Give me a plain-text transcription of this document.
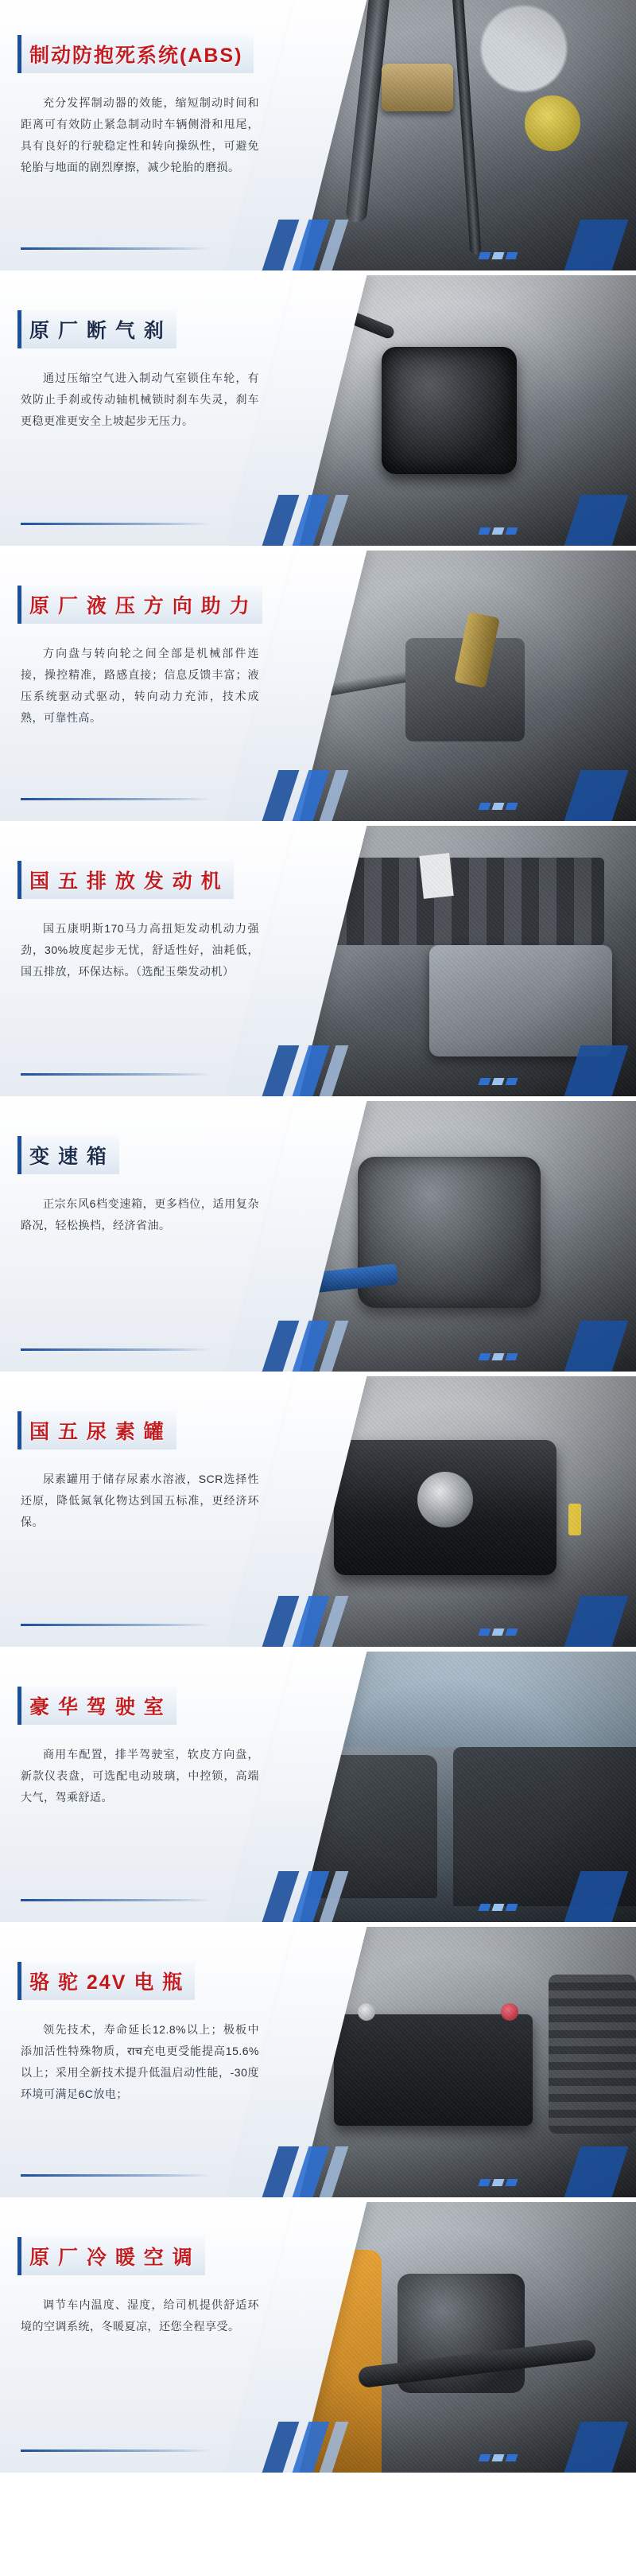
制动防抱死系统(ABS)
充分发挥制动器的效能，缩短制动时间和距离可有效防止紧急制动时车辆侧滑和甩尾，具有良好的行驶稳定性和转向操纵性，可避免轮胎与地面的剧烈摩擦，减少轮胎的磨损。
原 厂 断 气 刹
通过压缩空气进入制动气室锁住车轮，有效防止手刹或传动轴机械锁时刹车失灵，刹车更稳更准更安全上坡起步无压力。
原 厂 液 压 方 向 助 力
方向盘与转向轮之间全部是机械部件连接，操控精准，路感直接；信息反馈丰富；液压系统驱动式驱动，转向动力充沛，技术成熟，可靠性高。
国 五 排 放 发 动 机
国五康明斯170马力高扭矩发动机动力强劲，30%坡度起步无忧，舒适性好，油耗低，国五排放，环保达标。（选配玉柴发动机）
变 速 箱
正宗东风6档变速箱，更多档位，适用复杂路况，轻松换档，经济省油。
国 五 尿 素 罐
尿素罐用于储存尿素水溶液，SCR选择性还原，降低氮氧化物达到国五标准，更经济环保。
豪 华 驾 驶 室
商用车配置，排半驾驶室，软皮方向盘，新款仪表盘，可选配电动玻璃，中控锁，高端大气，驾乘舒适。
骆 驼 24V 电 瓶
领先技术，寿命延长12.8%以上；极板中添加活性特殊物质，राच充电更受能提高15.6%以上；采用全新技术提升低温启动性能，-30度环境可满足6C放电；
原 厂 冷 暖 空 调
调节车内温度、湿度，给司机提供舒适环境的空调系统，冬暖夏凉，还您全程享受。
